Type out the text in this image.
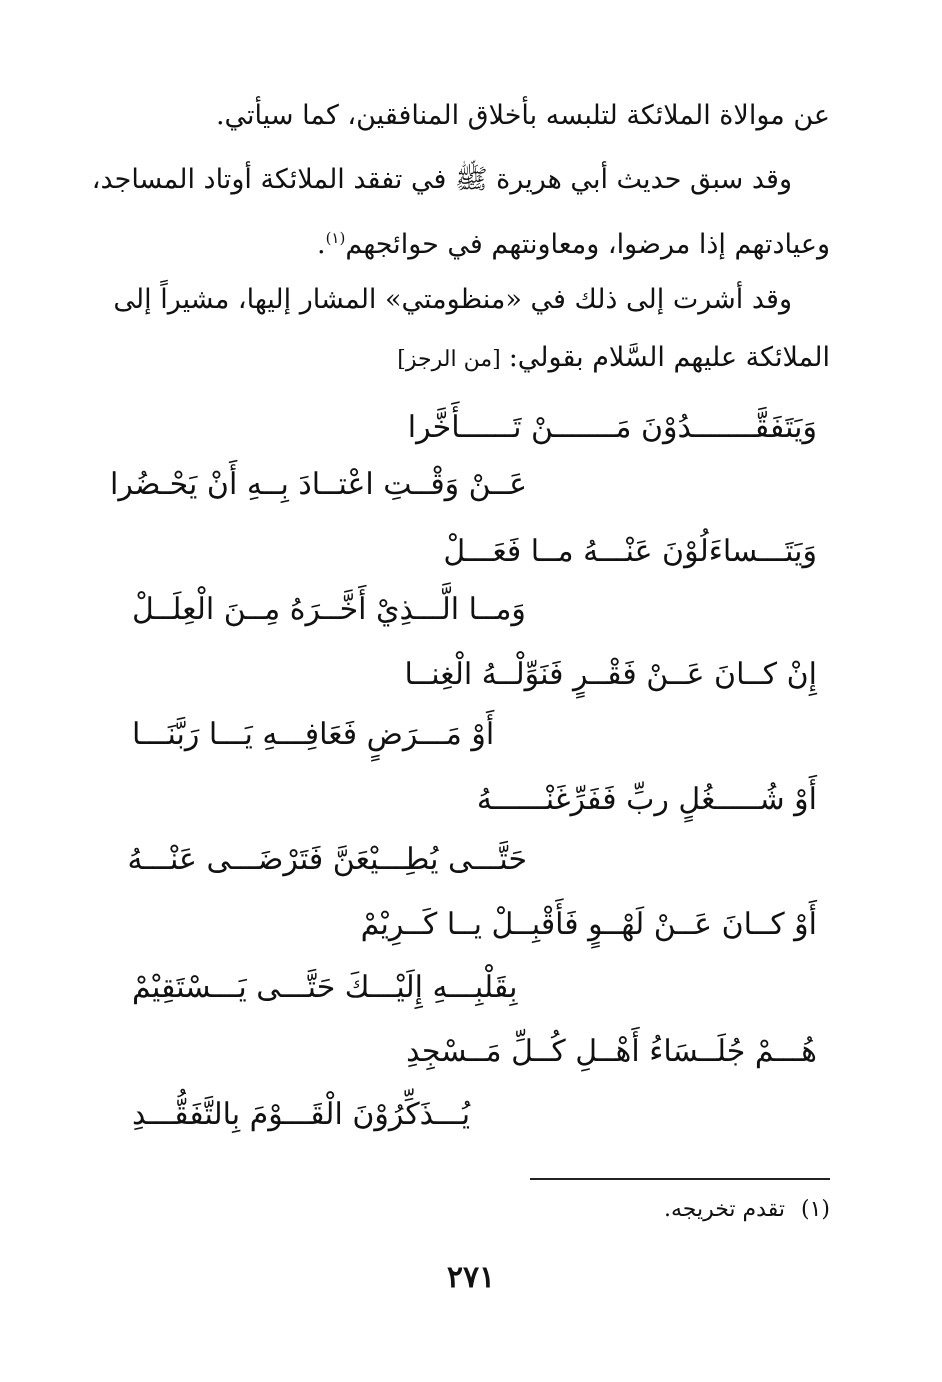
عن موالاة الملائكة لتلبسه بأخلاق المنافقين، كما سيأتي.
وقد سبق حديث أبي هريرة ﷺ في تفقد الملائكة أوتاد المساجد،
وعيادتهم إذا مرضوا، ومعاونتهم في حوائجهم$^{(١)}$.
وقد أشرت إلى ذلك في «منظومتي» المشار إليها، مشيراً إلى
الملائكة عليهم السَّلام بقولي:[من الرجز]
وَيَتَفَقَّـــــــدُوْنَ مَـــــــنْ تَــــــأَخَّرا
عَــنْ وَقْــتِ اعْتــادَ بِــهِ أَنْ يَحْـضُرا
وَيَتَـــساءَلُوْنَ عَنْـــهُ مــا فَعَـــلْ
وَمــا الَّـــذِيْ أَخَّــرَهُ مِــنَ الْعِلَــلْ
إِنْ كــانَ عَــنْ فَقْــرٍ فَنَوِّلْــهُ الْغِنــا
أَوْ مَـــرَضٍ فَعَافِـــهِ يَـــا رَبَّنَـــا
أَوْ شُـــــغُلٍ ربِّ فَفَرِّغَنْــــــهُ
حَتَّـــى يُطِـــيْعَنَّ فَتَرْضَـــى عَنْـــهُ
أَوْ كــانَ عَــنْ لَهْــوٍ فَأَقْبِــلْ يــا كَــرِيْمْ
بِقَلْبِـــهِ إِلَيْـــكَ حَتَّـــى يَـــسْتَقِيْمْ
هُـــمْ جُلَــسَاءُ أَهْــلِ كُــلِّ مَــسْجِدِ
يُـــذَكِّرُوْنَ الْقَـــوْمَ بِالتَّفَقُّـــدِ
(١)تقدم تخريجه.
٢٧١
